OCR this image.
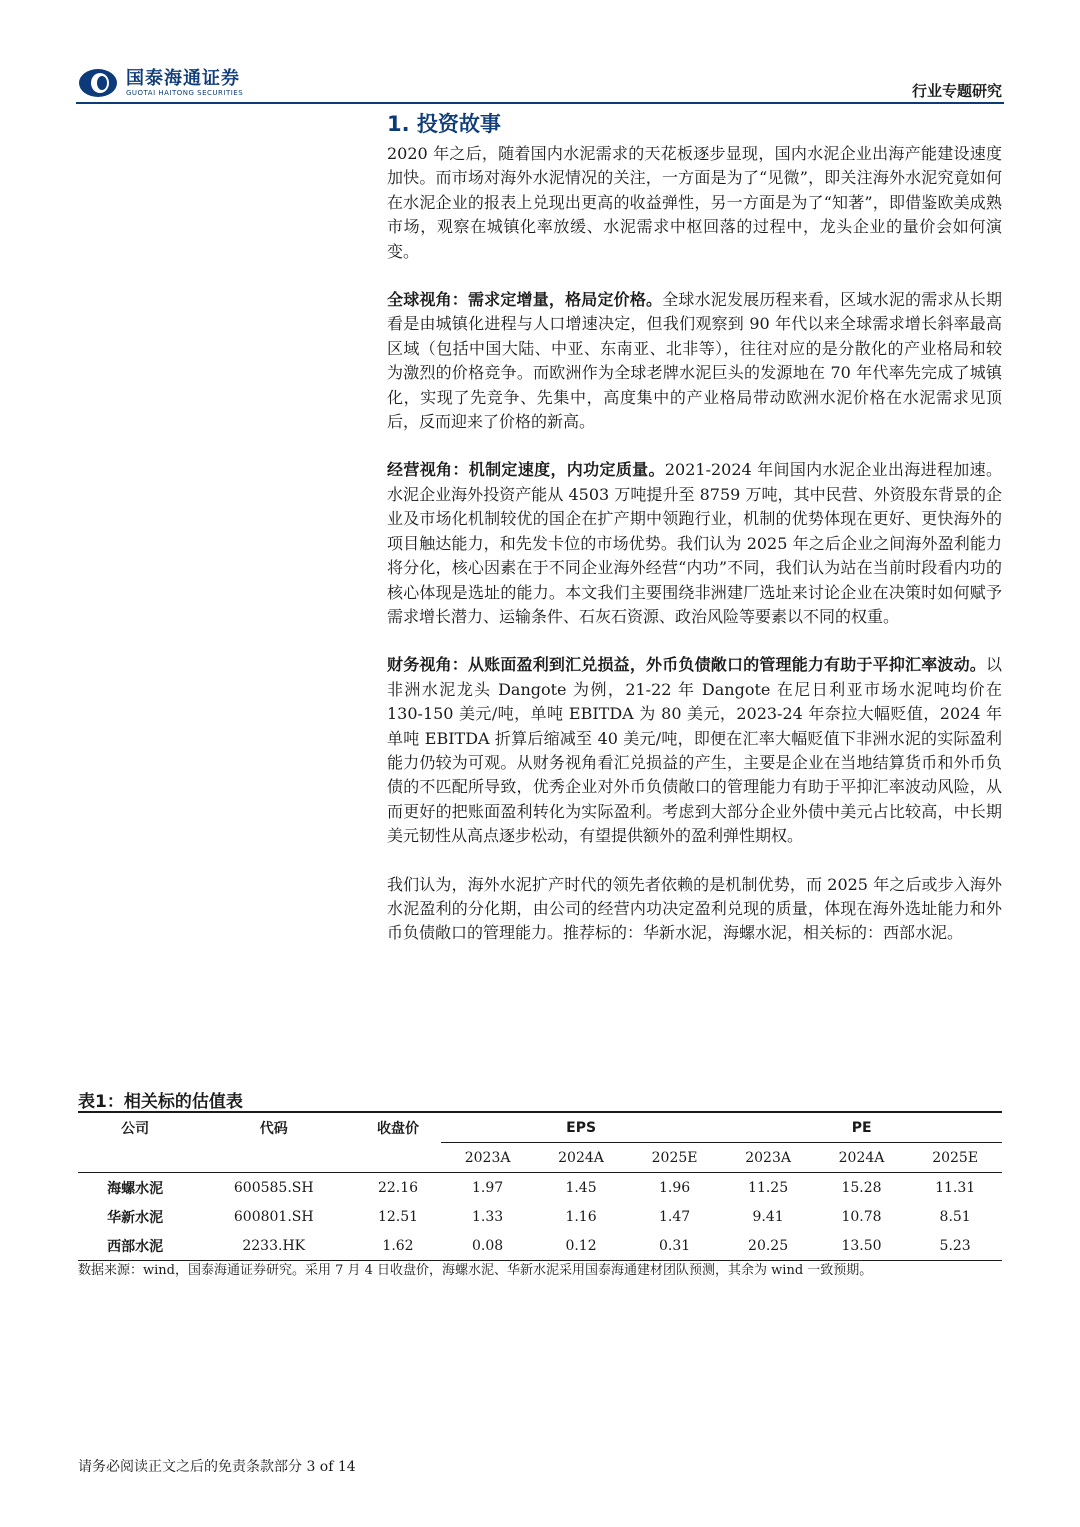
国泰海通证券
GUOTAI HAITONG SECURITIES	行业专题研究
1. 投资故事

2020 年之后，随着国内水泥需求的天花板逐步显现，国内水泥企业出海产能建设速度加快。而市场对海外水泥情况的关注，一方面是为了“见微”，即关注海外水泥究竟如何在水泥企业的报表上兑现出更高的收益弹性，另一方面是为了“知著”，即借鉴欧美成熟市场，观察在城镇化率放缓、水泥需求中枢回落的过程中，龙头企业的量价会如何演变。

全球视角：需求定增量，格局定价格。全球水泥发展历程来看，区域水泥的需求从长期看是由城镇化进程与人口增速决定，但我们观察到 90 年代以来全球需求增长斜率最高区域（包括中国大陆、中亚、东南亚、北非等），往往对应的是分散化的产业格局和较为激烈的价格竞争。而欧洲作为全球老牌水泥巨头的发源地在 70 年代率先完成了城镇化，实现了先竞争、先集中，高度集中的产业格局带动欧洲水泥价格在水泥需求见顶后，反而迎来了价格的新高。

经营视角：机制定速度，内功定质量。2021-2024 年间国内水泥企业出海进程加速。水泥企业海外投资产能从 4503 万吨提升至 8759 万吨，其中民营、外资股东背景的企业及市场化机制较优的国企在扩产期中领跑行业，机制的优势体现在更好、更快海外的项目触达能力，和先发卡位的市场优势。我们认为 2025 年之后企业之间海外盈利能力将分化，核心因素在于不同企业海外经营“内功”不同，我们认为站在当前时段看内功的核心体现是选址的能力。本文我们主要围绕非洲建厂选址来讨论企业在决策时如何赋予需求增长潜力、运输条件、石灰石资源、政治风险等要素以不同的权重。

财务视角：从账面盈利到汇兑损益，外币负债敞口的管理能力有助于平抑汇率波动。以非洲水泥龙头 Dangote 为例，21-22 年 Dangote 在尼日利亚市场水泥吨均价在 130-150 美元/吨，单吨 EBITDA 为 80 美元，2023-24 年奈拉大幅贬值，2024 年单吨 EBITDA 折算后缩减至 40 美元/吨，即便在汇率大幅贬值下非洲水泥的实际盈利能力仍较为可观。从财务视角看汇兑损益的产生，主要是企业在当地结算货币和外币负债的不匹配所导致，优秀企业对外币负债敞口的管理能力有助于平抑汇率波动风险，从而更好的把账面盈利转化为实际盈利。考虑到大部分企业外债中美元占比较高，中长期美元韧性从高点逐步松动，有望提供额外的盈利弹性期权。

我们认为，海外水泥扩产时代的领先者依赖的是机制优势，而 2025 年之后或步入海外水泥盈利的分化期，由公司的经营内功决定盈利兑现的质量，体现在海外选址能力和外币负债敞口的管理能力。推荐标的：华新水泥，海螺水泥，相关标的：西部水泥。

表1：相关标的估值表
公司	代码	收盘价	EPS			PE		
			2023A	2024A	2025E	2023A	2024A	2025E
海螺水泥	600585.SH	22.16	1.97	1.45	1.96	11.25	15.28	11.31
华新水泥	600801.SH	12.51	1.33	1.16	1.47	9.41	10.78	8.51
西部水泥	2233.HK	1.62	0.08	0.12	0.31	20.25	13.50	5.23
数据来源：wind，国泰海通证券研究。采用 7 月 4 日收盘价，海螺水泥、华新水泥采用国泰海通建材团队预测，其余为 wind 一致预期。
请务必阅读正文之后的免责条款部分 3 of 14
